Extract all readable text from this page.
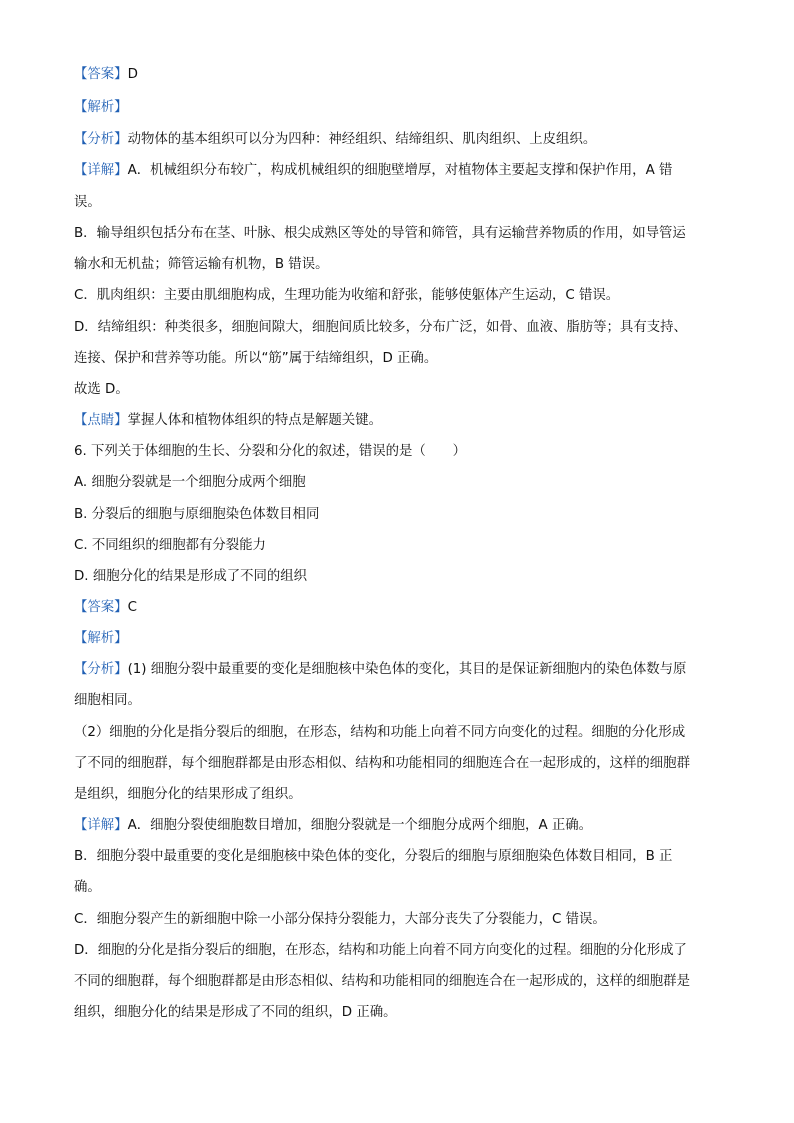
【答案】D
【解析】
【分析】动物体的基本组织可以分为四种：神经组织、结缔组织、肌肉组织、上皮组织。
【详解】A．机械组织分布较广，构成机械组织的细胞壁增厚，对植物体主要起支撑和保护作用，A 错
误。
B．输导组织包括分布在茎、叶脉、根尖成熟区等处的导管和筛管，具有运输营养物质的作用，如导管运
输水和无机盐；筛管运输有机物，B 错误。
C．肌肉组织：主要由肌细胞构成，生理功能为收缩和舒张，能够使躯体产生运动，C 错误。
D．结缔组织：种类很多，细胞间隙大，细胞间质比较多，分布广泛，如骨、血液、脂肪等；具有支持、
连接、保护和营养等功能。所以“筋”属于结缔组织，D 正确。
故选 D。
【点睛】掌握人体和植物体组织的特点是解题关键。
6. 下列关于体细胞的生长、分裂和分化的叙述，错误的是（　　）
A. 细胞分裂就是一个细胞分成两个细胞
B. 分裂后的细胞与原细胞染色体数目相同
C. 不同组织的细胞都有分裂能力
D. 细胞分化的结果是形成了不同的组织
【答案】C
【解析】
【分析】(1) 细胞分裂中最重要的变化是细胞核中染色体的变化，其目的是保证新细胞内的染色体数与原
细胞相同。
（2）细胞的分化是指分裂后的细胞，在形态，结构和功能上向着不同方向变化的过程。细胞的分化形成
了不同的细胞群，每个细胞群都是由形态相似、结构和功能相同的细胞连合在一起形成的，这样的细胞群
是组织，细胞分化的结果形成了组织。
【详解】A．细胞分裂使细胞数目增加，细胞分裂就是一个细胞分成两个细胞，A 正确。
B．细胞分裂中最重要的变化是细胞核中染色体的变化，分裂后的细胞与原细胞染色体数目相同，B 正
确。
C．细胞分裂产生的新细胞中除一小部分保持分裂能力，大部分丧失了分裂能力，C 错误。
D．细胞的分化是指分裂后的细胞，在形态，结构和功能上向着不同方向变化的过程。细胞的分化形成了
不同的细胞群，每个细胞群都是由形态相似、结构和功能相同的细胞连合在一起形成的，这样的细胞群是
组织，细胞分化的结果是形成了不同的组织，D 正确。
